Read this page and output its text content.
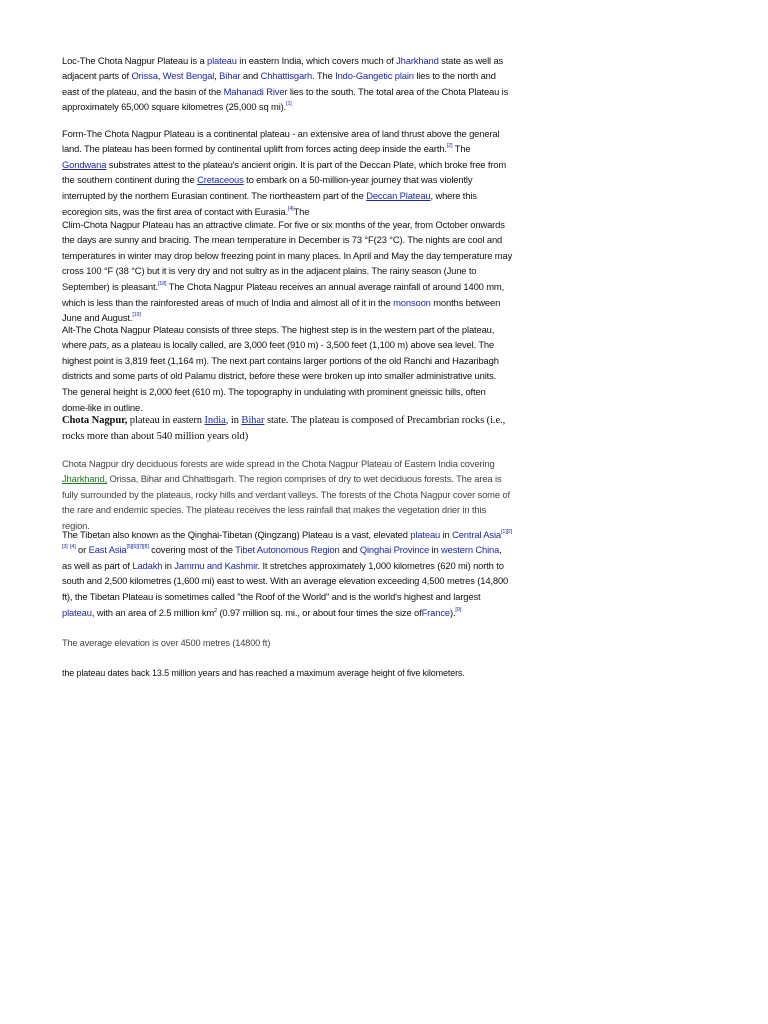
Loc-The Chota Nagpur Plateau is a plateau in eastern India, which covers much of Jharkhand state as well as adjacent parts of Orissa, West Bengal, Bihar and Chhattisgarh. The Indo-Gangetic plain lies to the north and east of the plateau, and the basin of the Mahanadi River lies to the south. The total area of the Chota Plateau is approximately 65,000 square kilometres (25,000 sq mi).[1]

Form-The Chota Nagpur Plateau is a continental plateau - an extensive area of land thrust above the general land. The plateau has been formed by continental uplift from forces acting deep inside the earth.[2] The Gondwana substrates attest to the plateau's ancient origin. It is part of the Deccan Plate, which broke free from the southern continent during the Cretaceous to embark on a 50-million-year journey that was violently interrupted by the northern Eurasian continent. The northeastern part of the Deccan Plateau, where this ecoregion sits, was the first area of contact with Eurasia.[4]The

Clim-Chota Nagpur Plateau has an attractive climate. For five or six months of the year, from October onwards the days are sunny and bracing. The mean temperature in December is 73 °F(23 °C). The nights are cool and temperatures in winter may drop below freezing point in many places. In April and May the day temperature may cross 100 °F (38 °C) but it is very dry and not sultry as in the adjacent plains. The rainy season (June to September) is pleasant.[18] The Chota Nagpur Plateau receives an annual average rainfall of around 1400 mm, which is less than the rainforested areas of much of India and almost all of it in the monsoon months between June and August.[19]

Alt-The Chota Nagpur Plateau consists of three steps. The highest step is in the western part of the plateau, where pats, as a plateau is locally called, are 3,000 feet (910 m) - 3,500 feet (1,100 m) above sea level. The highest point is 3,819 feet (1,164 m). The next part contains larger portions of the old Ranchi and Hazaribagh districts and some parts of old Palamu district, before these were broken up into smaller administrative units. The general height is 2,000 feet (610 m). The topography in undulating with prominent gneissic hills, often dome-like in outline.

Chota Nagpur, plateau in eastern India, in Bihar state. The plateau is composed of Precambrian rocks (i.e., rocks more than about 540 million years old)

Chota Nagpur dry deciduous forests are wide spread in the Chota Nagpur Plateau of Eastern India covering Jharkhand, Orissa, Bihar and Chhattisgarh. The region comprises of dry to wet deciduous forests. The area is fully surrounded by the plateaus, rocky hills and verdant valleys. The forests of the Chota Nagpur cover some of the rare and endemic species. The plateau receives the less rainfall that makes the vegetation drier in this region.

The Tibetan also known as the Qinghai-Tibetan (Qingzang) Plateau is a vast, elevated plateau in Central Asia[1][2][3] [4] or East Asia[5][6][7][8] covering most of the Tibet Autonomous Region and Qinghai Province in western China, as well as part of Ladakh in Jammu and Kashmir. It stretches approximately 1,000 kilometres (620 mi) north to south and 2,500 kilometres (1,600 mi) east to west. With an average elevation exceeding 4,500 metres (14,800 ft), the Tibetan Plateau is sometimes called "the Roof of the World" and is the world's highest and largest plateau, with an area of 2.5 million $km^2$ (0.97 million sq. mi., or about four times the size ofFrance).[9]

The average elevation is over 4500 metres (14800 ft)

the plateau dates back 13.5 million years and has reached a maximum average height of five kilometers.
